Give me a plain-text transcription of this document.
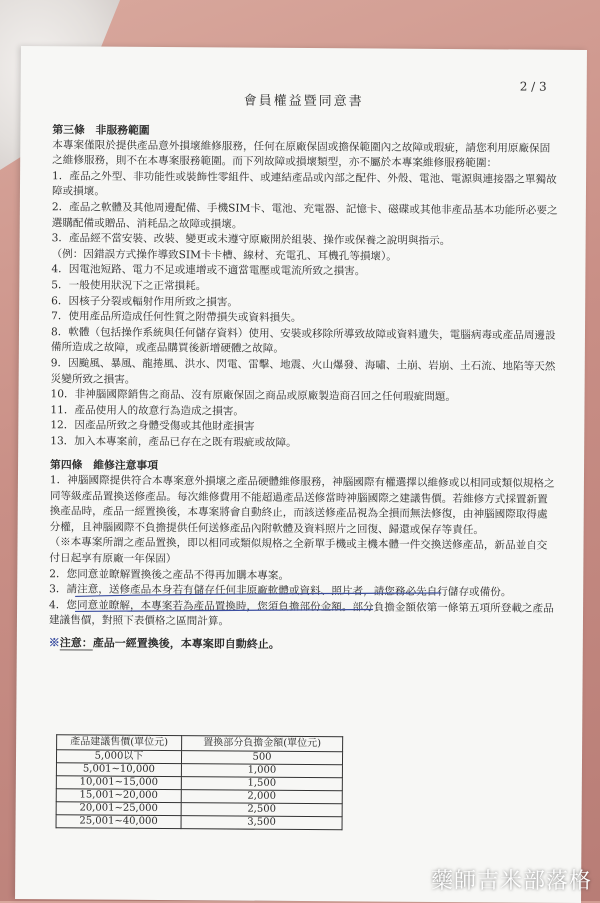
2 / 3
會員權益暨同意書
第三條　非服務範圍
本專案僅限於提供產品意外損壞維修服務，任何在原廠保固或擔保範圍內之故障或瑕疵，請您利用原廠保固之維修服務，則不在本專案服務範圍。而下列故障或損壞類型，亦不屬於本專案維修服務範圍：
1．產品之外型、非功能性或裝飾性零組件、或連結產品或內部之配件、外殼、電池、電源與連接器之單獨故障或損壞。
2．產品之軟體及其他周邊配備、手機SIM卡、電池、充電器、記憶卡、磁碟或其他非產品基本功能所必要之選購配備或贈品、消耗品之故障或損壞。
3．產品經不當安裝、改裝、變更或未遵守原廠開於組裝、操作或保養之說明與指示。
（例：因錯誤方式操作導致SIM卡卡槽、線材、充電孔、耳機孔等損壞）。
4．因電池短路、電力不足或連增或不適當電壓或電流所致之損害。
5．一般使用狀況下之正常損耗。
6．因核子分裂或輻射作用所致之損害。
7．使用產品所造成任何性質之附帶損失或資料損失。
8．軟體（包括操作系統與任何儲存資料）使用、安裝或移除所導致故障或資料遺失，電腦病毒或產品周邊設備所造成之故障，或產品購買後新增硬體之故障。
9．因颱風、暴風、龍捲風、洪水、閃電、雷擊、地震、火山爆發、海嘯、土崩、岩崩、土石流、地陷等天然災變所致之損害。
10．非神腦國際銷售之商品、沒有原廠保固之商品或原廠製造商召回之任何瑕疵問題。
11．產品使用人的故意行為造成之損害。
12．因產品所致之身體受傷或其他財產損害
13．加入本專案前，產品已存在之既有瑕疵或故障。
第四條　維修注意事項
1．神腦國際提供符合本專案意外損壞之產品硬體維修服務，神腦國際有權選擇以維修或以相同或類似規格之同等級產品置換送修產品。每次維修費用不能超過產品送修當時神腦國際之建議售價。若維修方式採置新置換產品時，產品一經置換後，本專案將會自動終止，而該送修產品視為全損而無法修復，由神腦國際取得處分權，且神腦國際不負擔提供任何送修產品內附軟體及資料照片之回復、歸還或保存等責任。
（※本專案所謂之產品置換，即以相同或類似規格之全新單手機或主機本體一件交換送修產品，新品並自交付日起享有原廠一年保固）
2．您同意並瞭解置換後之產品不得再加購本專案。
3．請注意，送修產品本身若有儲存任何非原廠軟體或資料、照片者，請您務必先自行儲存或備份。
4．您同意並瞭解，本專案若為產品置換時，您須負擔部份金額。部分負擔金額依第一條第五項所登載之產品建議售價，對照下表價格之區間計算。
※注意：產品一經置換後，本專案即自動終止。
產品建議售價(單位元)	置換部分負擔金額(單位元)
5,000以下	500
5,001~10,000	1,000
10,001~15,000	1,500
15,001~20,000	2,000
20,001~25,000	2,500
25,001~40,000	3,500
藥師吉米部落格
